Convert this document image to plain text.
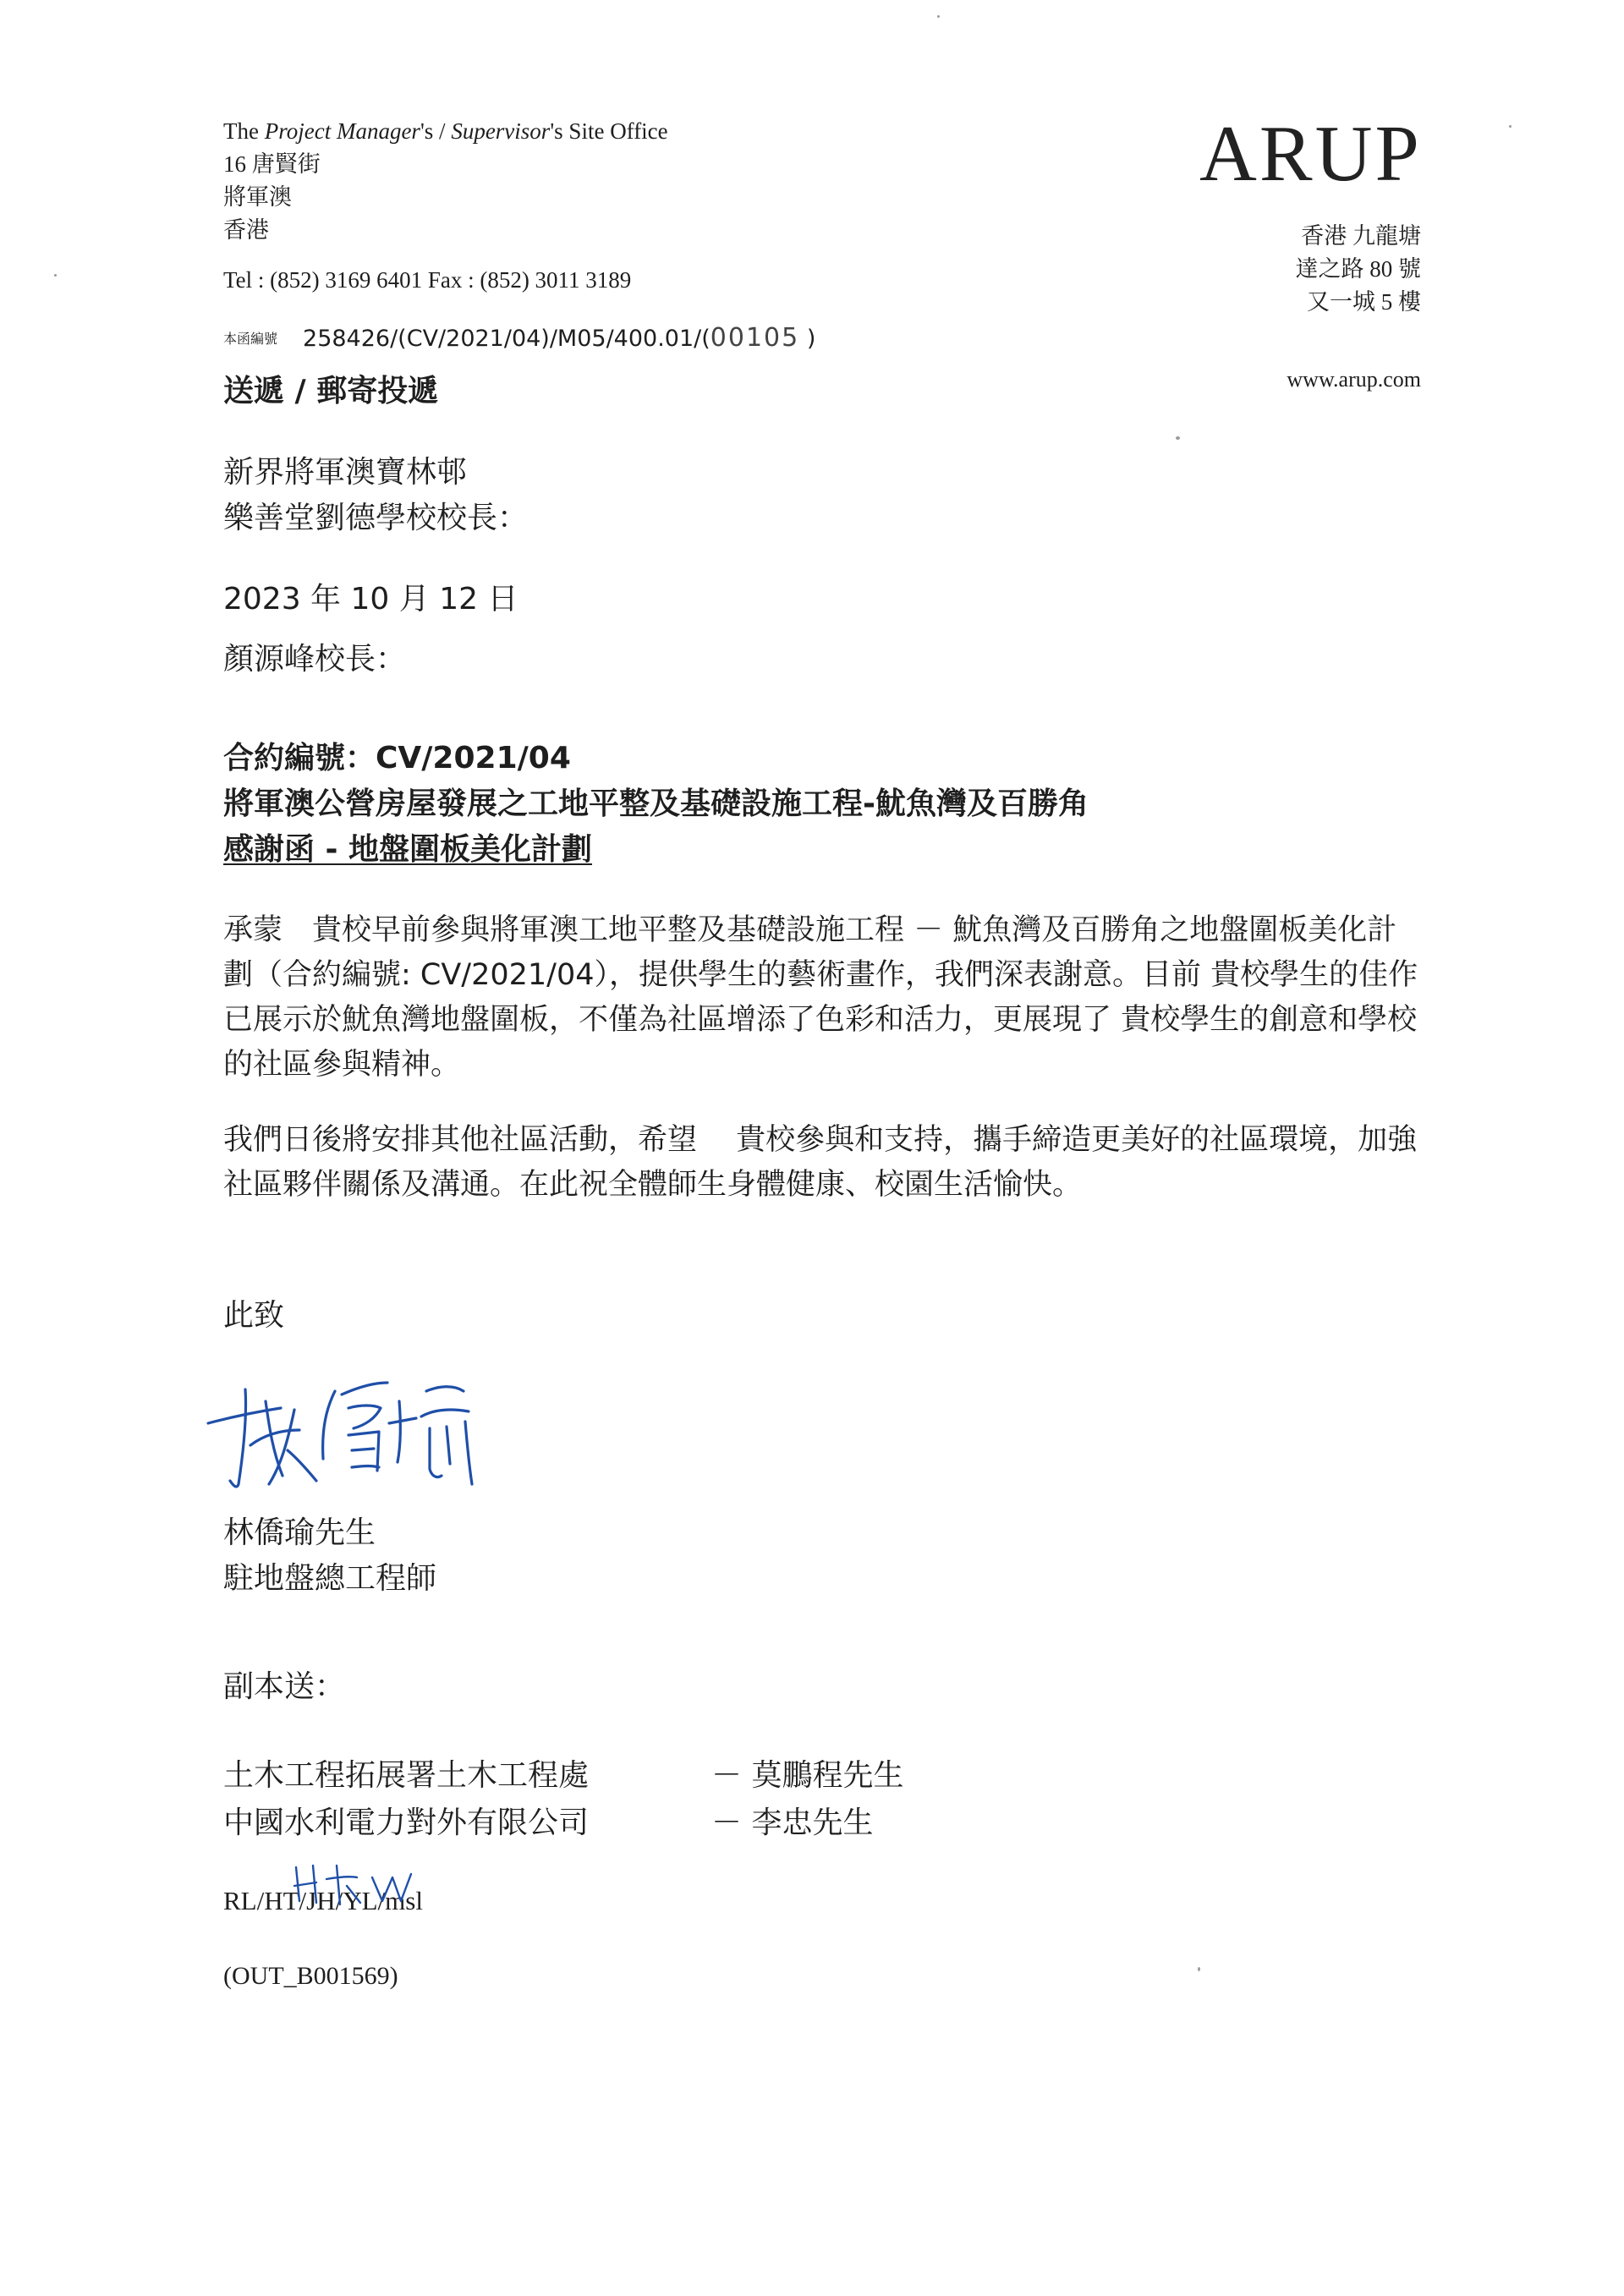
The Project Manager's / Supervisor's Site Office
16 唐賢街
將軍澳
香港
Tel : (852) 3169 6401 Fax : (852) 3011 3189
本函編號 258426/(CV/2021/04)/M05/400.01/(00105 )
送遞 / 郵寄投遞
ARUP
香港 九龍塘
達之路 80 號
又一城 5 樓
www.arup.com
新界將軍澳寶林邨
樂善堂劉德學校校長：
2023 年 10 月 12 日
顏源峰校長：
合約編號：CV/2021/04
將軍澳公營房屋發展之工地平整及基礎設施工程-魷魚灣及百勝角
感謝函 - 地盤圍板美化計劃
承蒙　貴校早前參與將軍澳工地平整及基礎設施工程 － 魷魚灣及百勝角之地盤圍板美化計劃（合約編號: CV/2021/04），提供學生的藝術畫作，我們深表謝意。目前 貴校學生的佳作已展示於魷魚灣地盤圍板，不僅為社區增添了色彩和活力，更展現了 貴校學生的創意和學校的社區參與精神。
我們日後將安排其他社區活動，希望　 貴校參與和支持，攜手締造更美好的社區環境，加強社區夥伴關係及溝通。在此祝全體師生身體健康、校園生活愉快。
此致
林僑瑜先生
駐地盤總工程師
副本送：
土木工程拓展署土木工程處	－ 莫鵬程先生
中國水利電力對外有限公司	－ 李忠先生
RL/HT/JH/YL/msl
(OUT_B001569)
